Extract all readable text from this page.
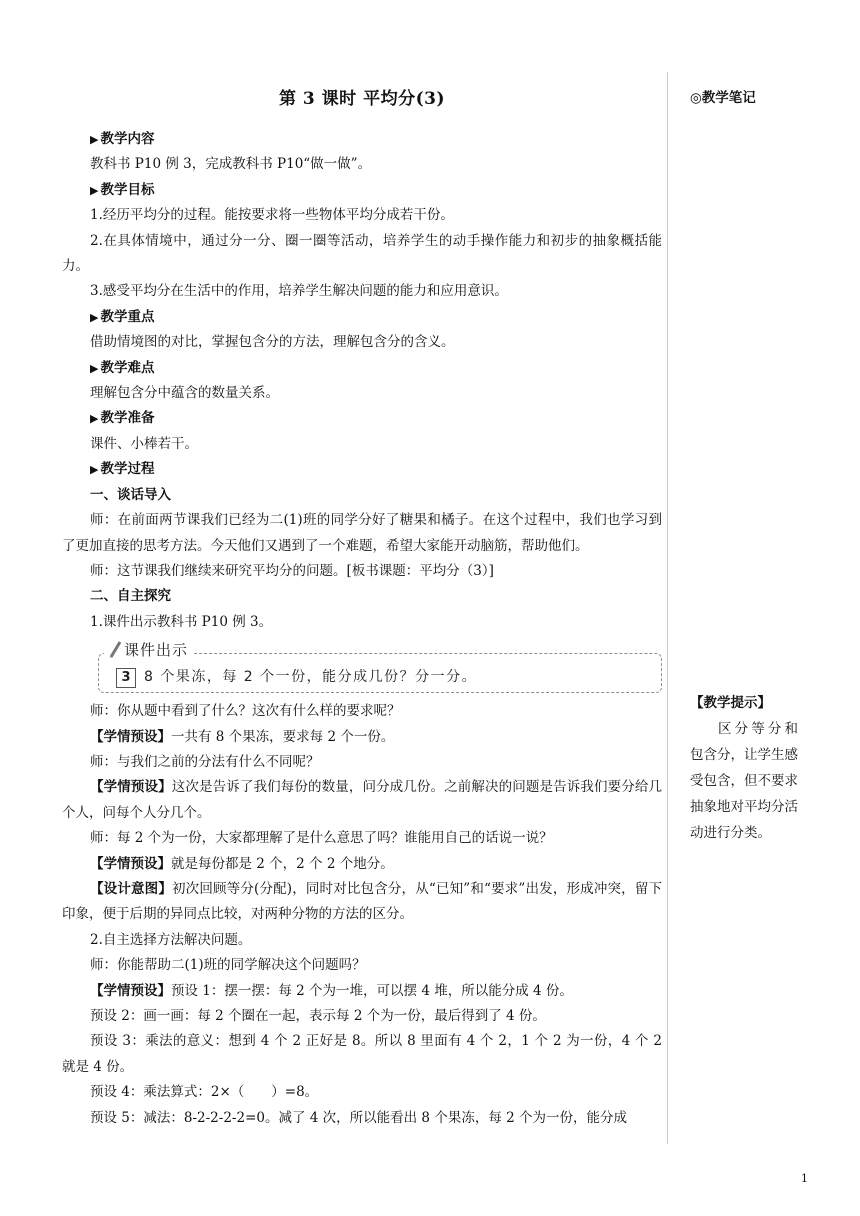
◎教学笔记
【教学提示】
区分等分和包含分，让学生感受包含，但不要求抽象地对平均分活动进行分类。
第 3 课时 平均分(3)

▶ 教学内容

教科书 P10 例 3，完成教科书 P10“做一做”。

▶ 教学目标

1.经历平均分的过程。能按要求将一些物体平均分成若干份。

2.在具体情境中，通过分一分、圈一圈等活动，培养学生的动手操作能力和初步的抽象概括能力。

3.感受平均分在生活中的作用，培养学生解决问题的能力和应用意识。

▶ 教学重点

借助情境图的对比，掌握包含分的方法，理解包含分的含义。

▶ 教学难点

理解包含分中蕴含的数量关系。

▶ 教学准备

课件、小棒若干。

▶ 教学过程

一、谈话导入

师：在前面两节课我们已经为二(1)班的同学分好了糖果和橘子。在这个过程中，我们也学习到了更加直接的思考方法。今天他们又遇到了一个难题，希望大家能开动脑筋，帮助他们。

师：这节课我们继续来研究平均分的问题。[板书课题：平均分（3）]

二、自主探究

1.课件出示教科书 P10 例 3。

课件出示
3 8 个果冻，每 2 个一份，能分成几份？分一分。

师：你从题中看到了什么？这次有什么样的要求呢？

【学情预设】一共有 8 个果冻，要求每 2 个一份。

师：与我们之前的分法有什么不同呢？

【学情预设】这次是告诉了我们每份的数量，问分成几份。之前解决的问题是告诉我们要分给几个人，问每个人分几个。

师：每 2 个为一份，大家都理解了是什么意思了吗？谁能用自己的话说一说？

【学情预设】就是每份都是 2 个，2 个 2 个地分。

【设计意图】初次回顾等分(分配)，同时对比包含分，从“已知”和“要求”出发，形成冲突，留下印象，便于后期的异同点比较，对两种分物的方法的区分。

2.自主选择方法解决问题。

师：你能帮助二(1)班的同学解决这个问题吗？

【学情预设】预设 1：摆一摆：每 2 个为一堆，可以摆 4 堆，所以能分成 4 份。

预设 2：画一画：每 2 个圈在一起，表示每 2 个为一份，最后得到了 4 份。

预设 3：乘法的意义：想到 4 个 2 正好是 8。所以 8 里面有 4 个 2，1 个 2 为一份，4 个 2 就是 4 份。

预设 4：乘法算式：2×（　　）=8。

预设 5：减法：8-2-2-2-2=0。减了 4 次，所以能看出 8 个果冻，每 2 个为一份，能分成

1
